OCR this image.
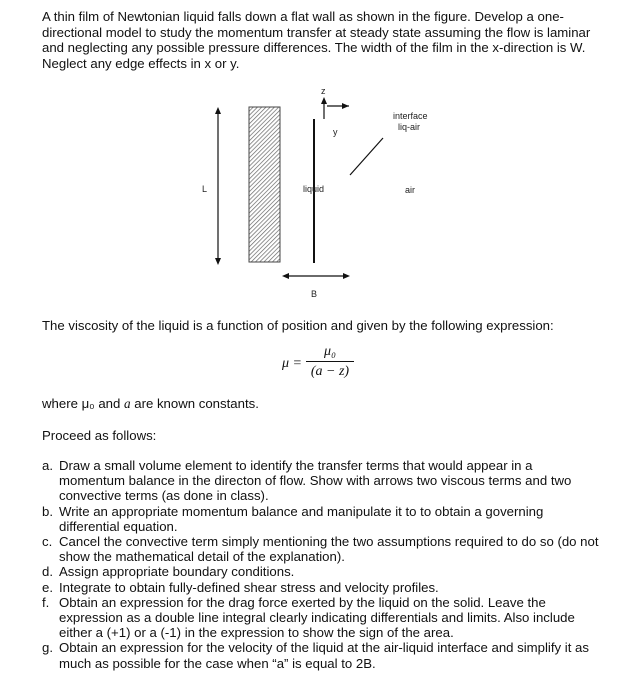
A thin film of Newtonian liquid falls down a flat wall as shown in the figure. Develop a one-directional model to study the momentum transfer at steady state assuming the flow is laminar and neglecting any possible pressure differences. The width of the film in the x-direction is W. Neglect any edge effects in x or y.

z
y
interface
liq-air
liquid	air
L
B

The viscosity of the liquid is a function of position and given by the following expression:

μ =
μ₀
(a − z)

where μ₀ and a are known constants.

Proceed as follows:

a. Draw a small volume element to identify the transfer terms that would appear in a momentum balance in the directon of flow. Show with arrows two viscous terms and two convective terms (as done in class).
b. Write an appropriate momentum balance and manipulate it to to obtain a governing differential equation.
c. Cancel the convective term simply mentioning the two assumptions required to do so (do not show the mathematical detail of the explanation).
d. Assign appropriate boundary conditions.
e. Integrate to obtain fully-defined shear stress and velocity profiles.
f. Obtain an expression for the drag force exerted by the liquid on the solid. Leave the expression as a double line integral clearly indicating differentials and limits. Also include either a (+1) or a (-1) in the expression to show the sign of the area.
g. Obtain an expression for the velocity of the liquid at the air-liquid interface and simplify it as much as possible for the case when “a” is equal to 2B.
